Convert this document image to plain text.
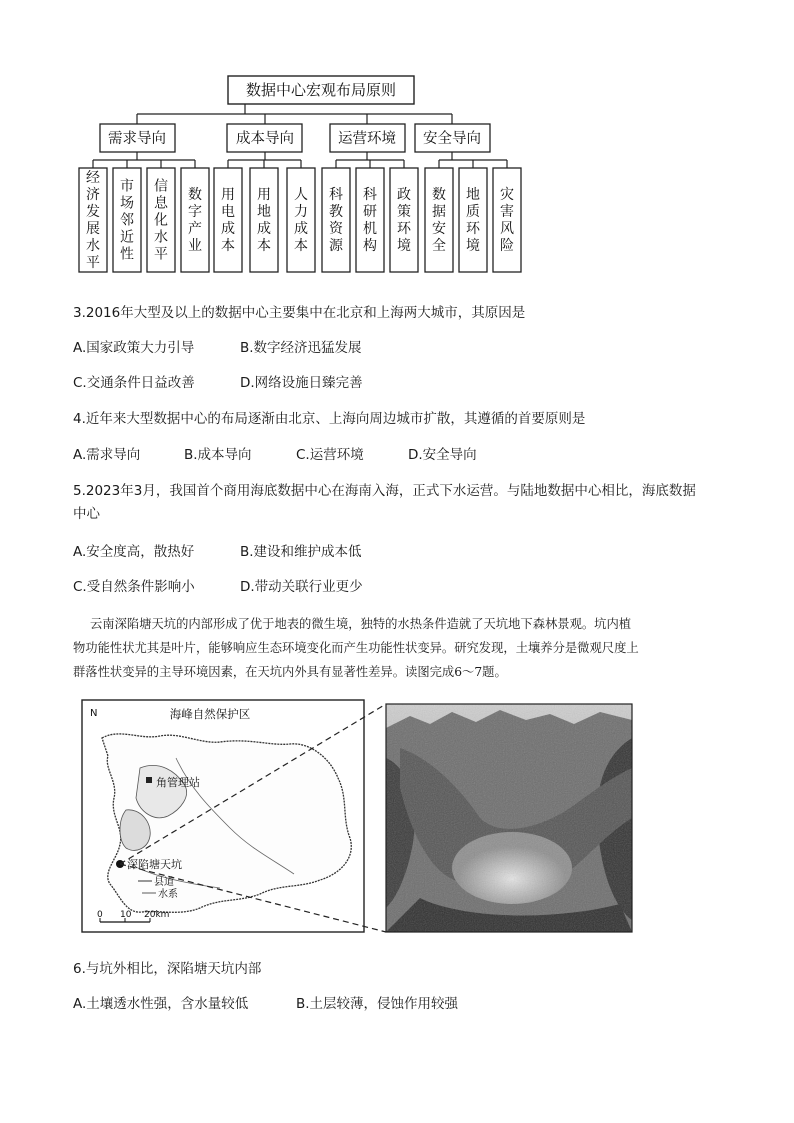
数据中心宏观布局原则
需求导向	成本导向	运营环境 安全导向
经济发展水平
市场邻近性
信息化水平
数字产业
用电成本
用地成本
人力成本
科教资源
科研机构
政策环境
数据安全
地质环境
灾害风险
3.2016年大型及以上的数据中心主要集中在北京和上海两大城市，其原因是
A.国家政策大力引导	B.数字经济迅猛发展
C.交通条件日益改善	D.网络设施日臻完善
4.近年来大型数据中心的布局逐渐由北京、上海向周边城市扩散，其遵循的首要原则是
A.需求导向	B.成本导向	C.运营环境	D.安全导向
5.2023年3月，我国首个商用海底数据中心在海南入海，正式下水运营。与陆地数据中心相比，海底数据
中心
A.安全度高，散热好	B.建设和维护成本低
C.受自然条件影响小	D.带动关联行业更少
云南深陷塘天坑的内部形成了优于地表的微生境，独特的水热条件造就了天坑地下森林景观。坑内植
物功能性状尤其是叶片，能够响应生态环境变化而产生功能性状变异。研究发现，土壤养分是微观尺度上
群落性状变异的主导环境因素，在天坑内外具有显著性差异。读图完成6～7题。
N	海峰自然保护区
角管理站
深陷塘天坑
县道
水系
0 10 20km
6.与坑外相比，深陷塘天坑内部
A.土壤透水性强，含水量较低	B.土层较薄，侵蚀作用较强
